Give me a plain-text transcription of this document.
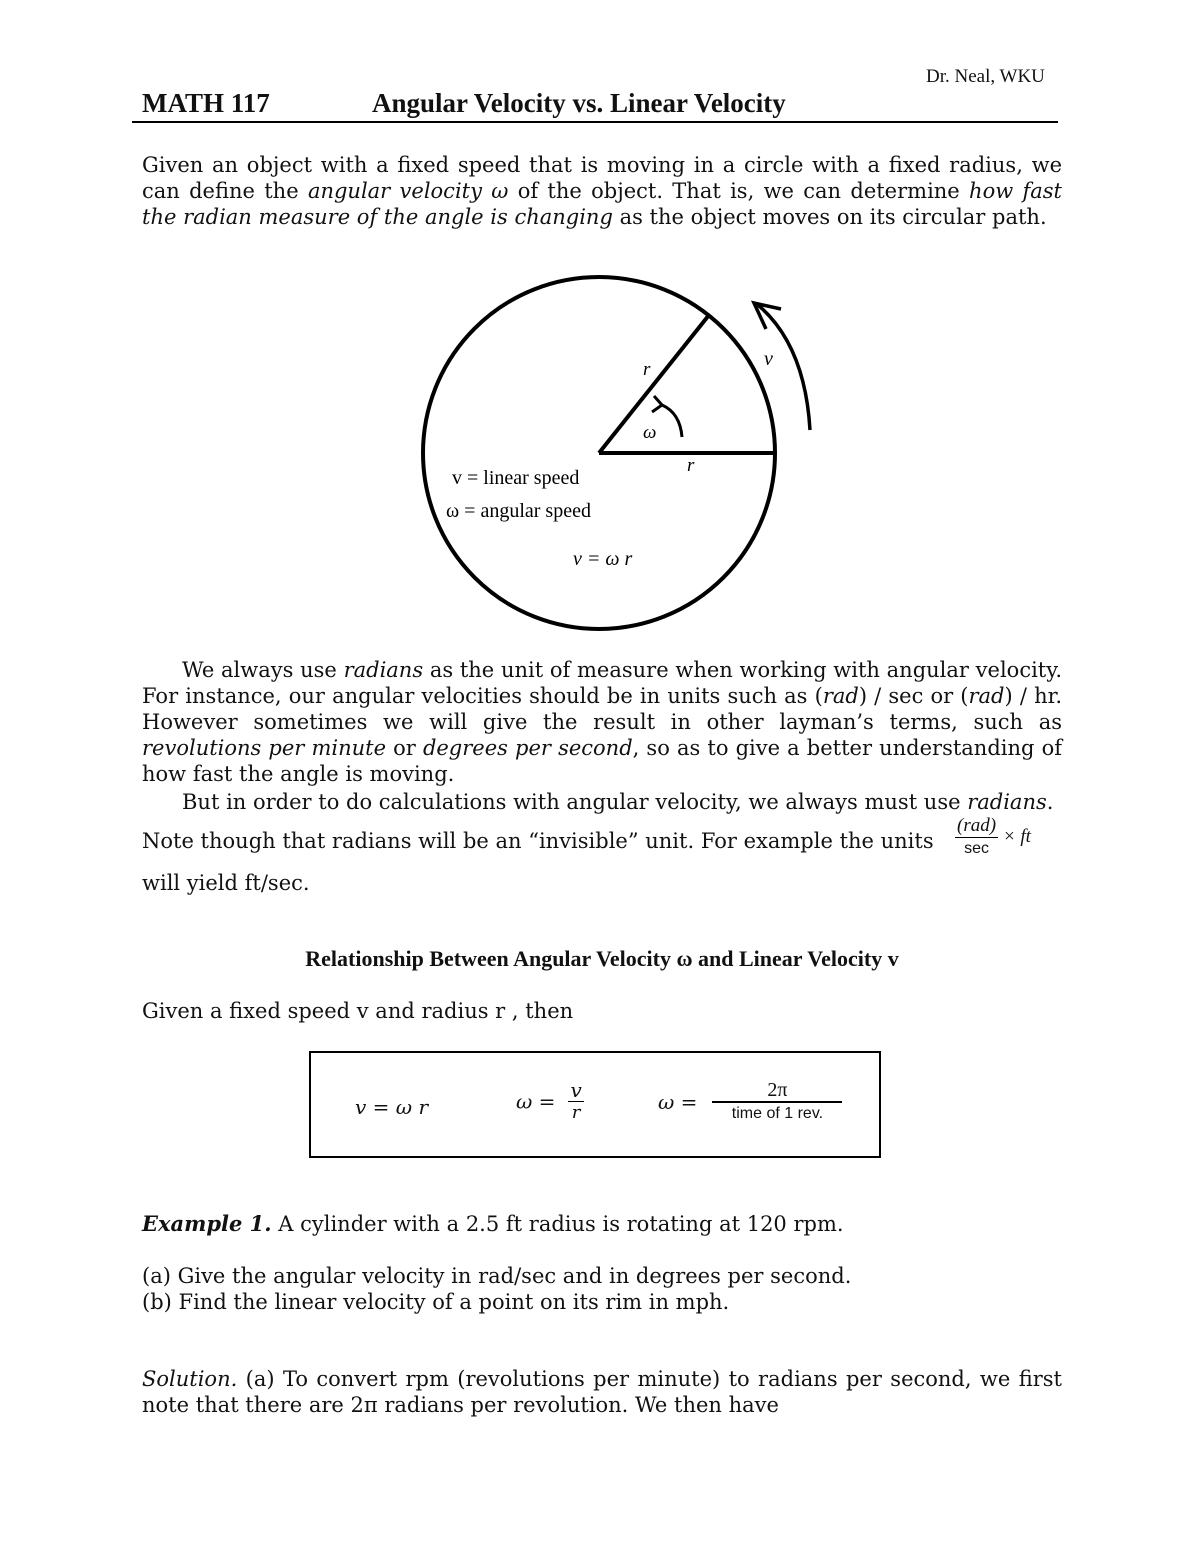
Dr. Neal, WKU
MATH 117	Angular Velocity vs. Linear Velocity
Given an object with a fixed speed that is moving in a circle with a fixed radius, we can define the angular velocity ω of the object. That is, we can determine how fast the radian measure of the angle is changing as the object moves on its circular path.
r
r
v
ω
v = linear speed
ω = angular speed
v = ω r
We always use radians as the unit of measure when working with angular velocity. For instance, our angular velocities should be in units such as (rad) / sec or (rad) / hr. However sometimes we will give the result in other layman’s terms, such as revolutions per minute or degrees per second, so as to give a better understanding of how fast the angle is moving.
But in order to do calculations with angular velocity, we always must use radians.
Note though that radians will be an “invisible” unit. For example the units	$\frac{\text{(rad)}}{\sec}$ × ft
will yield ft/sec.
Relationship Between Angular Velocity ω and Linear Velocity v
Given a fixed speed v and radius r , then
v = ω r	$\omega = \frac{v}{r}$	$\omega = \frac{2\pi}{\text{time of 1 rev.}}$
Example 1. A cylinder with a 2.5 ft radius is rotating at 120 rpm.
(a) Give the angular velocity in rad/sec and in degrees per second.
(b) Find the linear velocity of a point on its rim in mph.
Solution. (a) To convert rpm (revolutions per minute) to radians per second, we first note that there are 2π radians per revolution. We then have
